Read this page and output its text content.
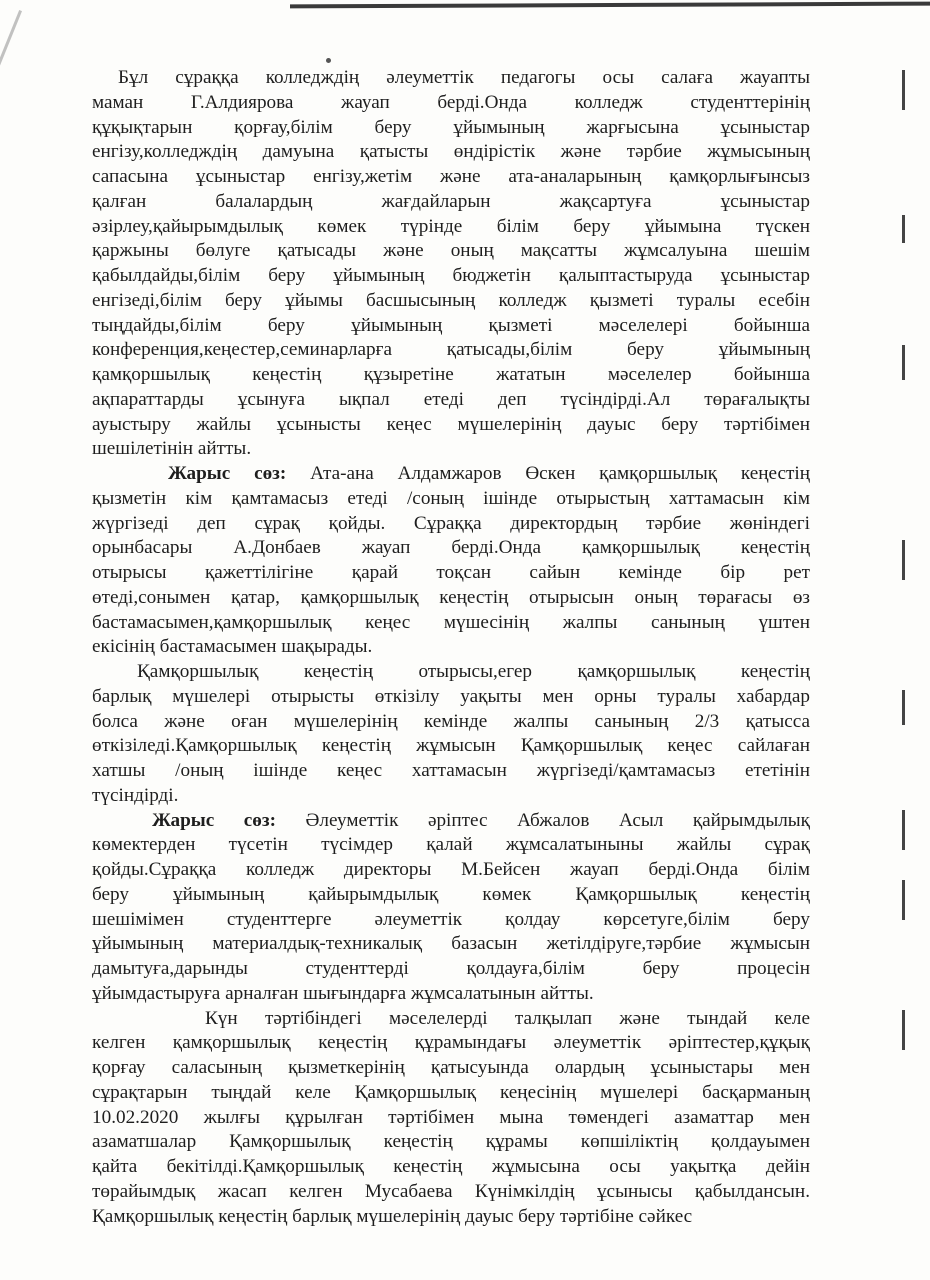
Бұл сұраққа колледждің әлеуметтік педагогы осы салаға жауапты
маман Г.Алдиярова жауап берді.Онда колледж студенттерінің
құқықтарын қорғау,білім беру ұйымының жарғысына ұсыныстар
енгізу,колледждің дамуына қатысты өндірістік және тәрбие жұмысының
сапасына ұсыныстар енгізу,жетім және ата-аналарының қамқорлығынсыз
қалған балалардың жағдайларын жақсартуға ұсыныстар
әзірлеу,қайырымдылық көмек түрінде білім беру ұйымына түскен
қаржыны бөлуге қатысады және оның мақсатты жұмсалуына шешім
қабылдайды,білім беру ұйымының бюджетін қалыптастыруда ұсыныстар
енгізеді,білім беру ұйымы басшысының колледж қызметі туралы есебін
тыңдайды,білім беру ұйымының қызметі мәселелері бойынша
конференция,кеңестер,семинарларға қатысады,білім беру ұйымының
қамқоршылық кеңестің құзыретіне жататын мәселелер бойынша
ақпараттарды ұсынуға ықпал етеді деп түсіндірді.Ал төрағалықты
ауыстыру жайлы ұсынысты кеңес мүшелерінің дауыс беру тәртібімен
шешілетінін айтты.
Жарыс сөз: Ата-ана Алдамжаров Өскен қамқоршылық кеңестің
қызметін кім қамтамасыз етеді /соның ішінде отырыстың хаттамасын кім
жүргізеді деп сұрақ қойды. Сұраққа директордың тәрбие жөніндегі
орынбасары А.Донбаев жауап берді.Онда қамқоршылық кеңестің
отырысы қажеттілігіне қарай тоқсан сайын кемінде бір рет
өтеді,сонымен қатар, қамқоршылық кеңестің отырысын оның төрағасы өз
бастамасымен,қамқоршылық кеңес мүшесінің жалпы санының үштен
екісінің бастамасымен шақырады.
Қамқоршылық кеңестің отырысы,егер қамқоршылық кеңестің
барлық мүшелері отырысты өткізілу уақыты мен орны туралы хабардар
болса және оған мүшелерінің кемінде жалпы санының 2/3 қатысса
өткізіледі.Қамқоршылық кеңестің жұмысын Қамқоршылық кеңес сайлаған
хатшы /оның ішінде кеңес хаттамасын жүргізеді/қамтамасыз ететінін
түсіндірді.
Жарыс сөз: Әлеуметтік әріптес Абжалов Асыл қайрымдылық
көмектерден түсетін түсімдер қалай жұмсалатыныны жайлы сұрақ
қойды.Сұраққа колледж директоры М.Бейсен жауап берді.Онда білім
беру ұйымының қайырымдылық көмек Қамқоршылық кеңестің
шешімімен студенттерге әлеуметтік қолдау көрсетуге,білім беру
ұйымының материалдық-техникалық базасын жетілдіруге,тәрбие жұмысын
дамытуға,дарынды студенттерді қолдауға,білім беру процесін
ұйымдастыруға арналған шығындарға жұмсалатынын айтты.
Күн тәртібіндегі мәселелерді талқылап және тындай келе
келген қамқоршылық кеңестің құрамындағы әлеуметтік әріптестер,құқық
қорғау саласының қызметкерінің қатысуында олардың ұсыныстары мен
сұрақтарын тыңдай келе Қамқоршылық кеңесінің мүшелері басқарманың
10.02.2020 жылғы құрылған тәртібімен мына төмендегі азаматтар мен
азаматшалар Қамқоршылық кеңестің құрамы көпшіліктің қолдауымен
қайта бекітілді.Қамқоршылық кеңестің жұмысына осы уақытқа дейін
төрайымдық жасап келген Мусабаева Күнімкілдің ұсынысы қабылдансын.
Қамқоршылық кеңестің барлық мүшелерінің дауыс беру тәртібіне сәйкес
